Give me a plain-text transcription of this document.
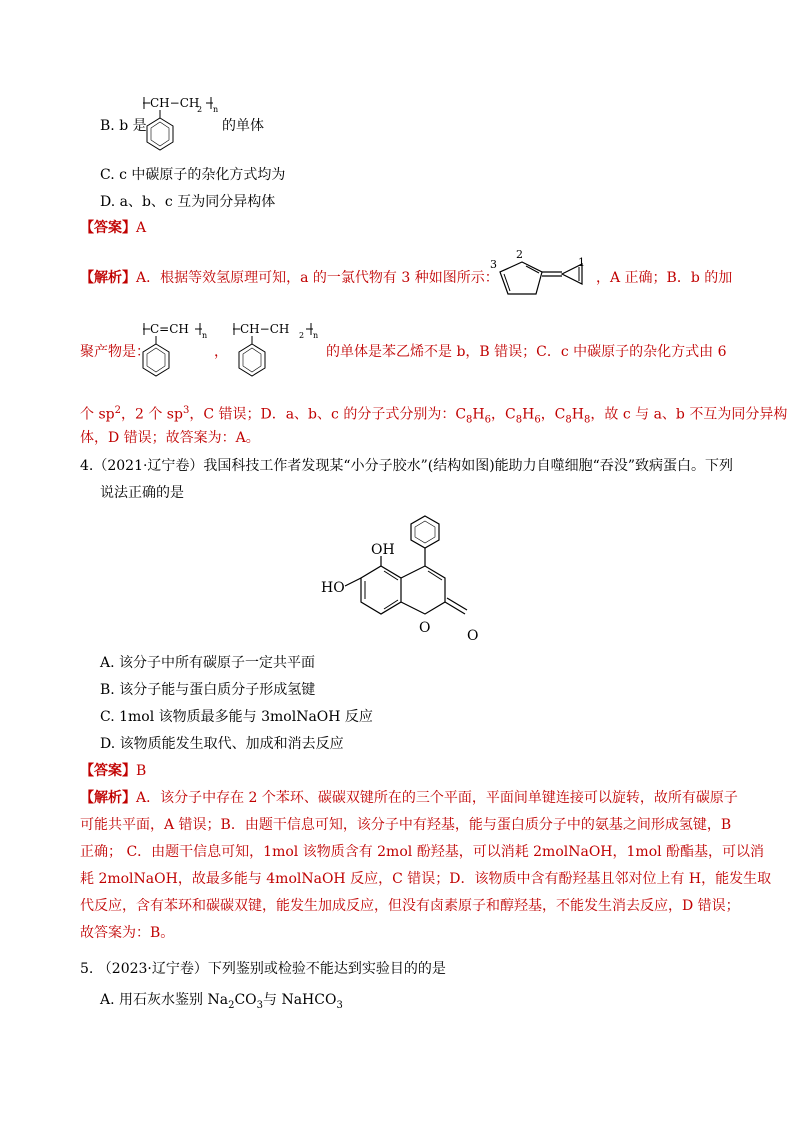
B. b 是
CH−CH
2 n
的单体
C. c 中碳原子的杂化方式均为
D. a、b、c 互为同分异构体
【答案】A
【解析】A．根据等效氢原理可知，a 的一氯代物有 3 种如图所示：
3
2
1
，A 正确；B．b 的加
聚产物是：
C=CH n
，
CH−CH 2 n
的单体是苯乙烯不是 b，B 错误；C．c 中碳原子的杂化方式由 6
个 $sp^2$，2 个 $sp^3$，C 错误；D．a、b、c 的分子式分别为：$C_8H_6$，$C_8H_6$，$C_8H_8$，故 c 与 a、b 不互为同分异构
体，D 错误；故答案为：A。
4.（2021·辽宁卷）我国科技工作者发现某“小分子胶水”(结构如图)能助力自噬细胞“吞没”致病蛋白。下列
说法正确的是
O	O
OH
HO
A. 该分子中所有碳原子一定共平面
B. 该分子能与蛋白质分子形成氢键
C. 1mol 该物质最多能与 3molNaOH 反应
D. 该物质能发生取代、加成和消去反应
【答案】B
【解析】A．该分子中存在 2 个苯环、碳碳双键所在的三个平面，平面间单键连接可以旋转，故所有碳原子
可能共平面，A 错误；B．由题干信息可知，该分子中有羟基，能与蛋白质分子中的氨基之间形成氢键，B
正确； C．由题干信息可知，1mol 该物质含有 2mol 酚羟基，可以消耗 2molNaOH，1mol 酚酯基，可以消
耗 2molNaOH，故最多能与 4molNaOH 反应，C 错误；D．该物质中含有酚羟基且邻对位上有 H，能发生取
代反应，含有苯环和碳碳双键，能发生加成反应，但没有卤素原子和醇羟基，不能发生消去反应，D 错误；
故答案为：B。
5. （2023·辽宁卷）下列鉴别或检验不能达到实验目的的是
A. 用石灰水鉴别 $Na_2CO_3$与 NaHCO$_3$
